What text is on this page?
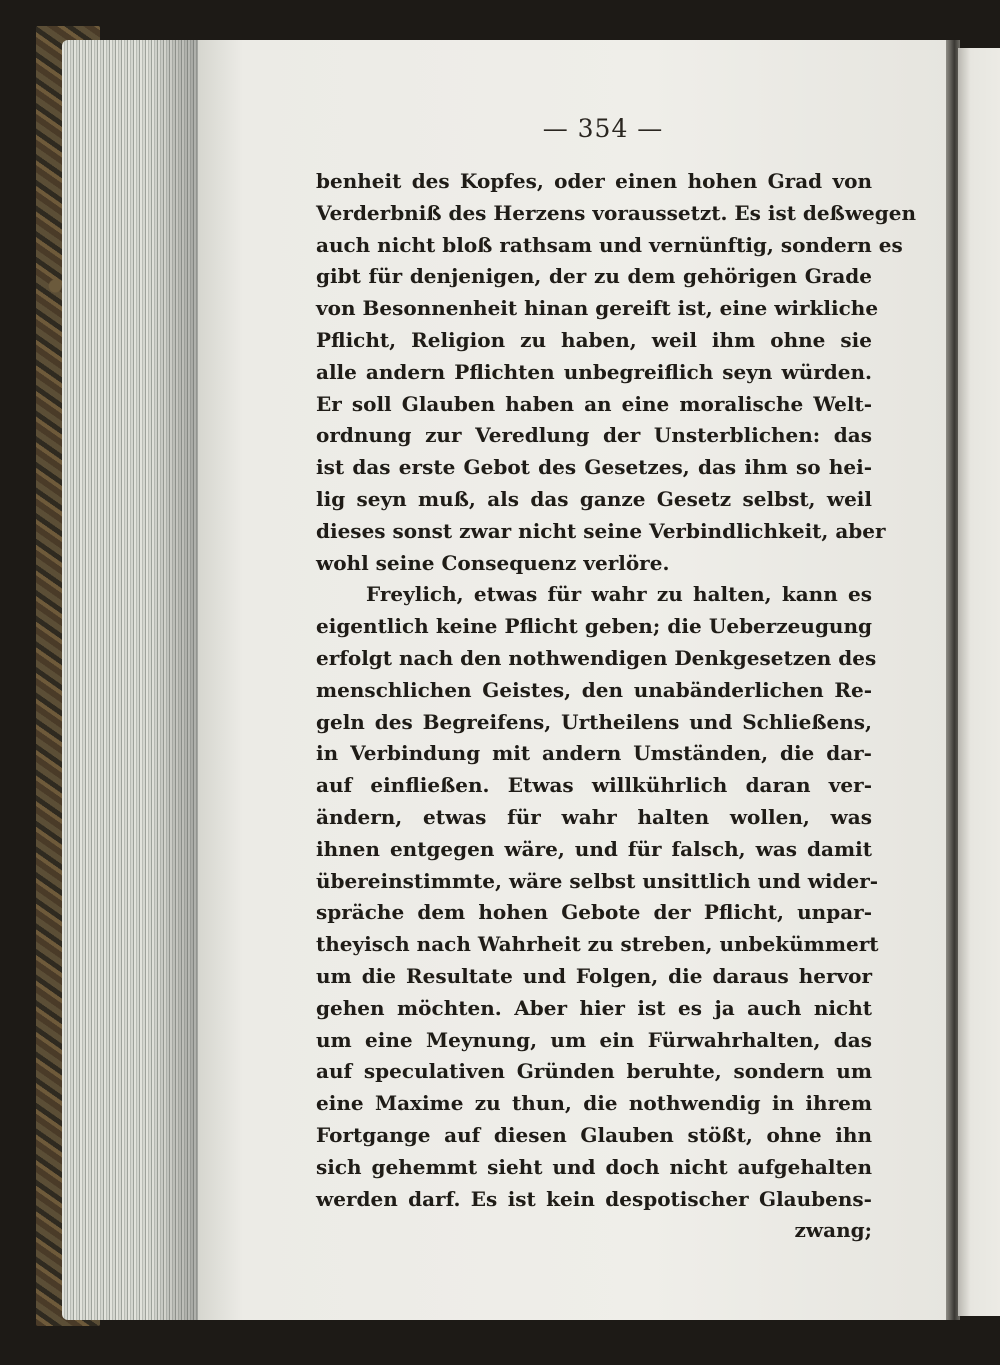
— 354 —
benheit des Kopfes, oder einen hohen Grad von
Verderbniß des Herzens voraussetzt. Es ist deßwegen
auch nicht bloß rathsam und vernünftig, sondern es
gibt für denjenigen, der zu dem gehörigen Grade
von Besonnenheit hinan gereift ist, eine wirkliche
Pflicht, Religion zu haben, weil ihm ohne sie
alle andern Pflichten unbegreiflich seyn würden.
Er soll Glauben haben an eine moralische Welt-
ordnung zur Veredlung der Unsterblichen: das
ist das erste Gebot des Gesetzes, das ihm so hei-
lig seyn muß, als das ganze Gesetz selbst, weil
dieses sonst zwar nicht seine Verbindlichkeit, aber
wohl seine Consequenz verlöre.
Freylich, etwas für wahr zu halten, kann es
eigentlich keine Pflicht geben; die Ueberzeugung
erfolgt nach den nothwendigen Denkgesetzen des
menschlichen Geistes, den unabänderlichen Re-
geln des Begreifens, Urtheilens und Schließens,
in Verbindung mit andern Umständen, die dar-
auf einfließen. Etwas willkührlich daran ver-
ändern, etwas für wahr halten wollen, was
ihnen entgegen wäre, und für falsch, was damit
übereinstimmte, wäre selbst unsittlich und wider-
spräche dem hohen Gebote der Pflicht, unpar-
theyisch nach Wahrheit zu streben, unbekümmert
um die Resultate und Folgen, die daraus hervor
gehen möchten. Aber hier ist es ja auch nicht
um eine Meynung, um ein Fürwahrhalten, das
auf speculativen Gründen beruhte, sondern um
eine Maxime zu thun, die nothwendig in ihrem
Fortgange auf diesen Glauben stößt, ohne ihn
sich gehemmt sieht und doch nicht aufgehalten
werden darf. Es ist kein despotischer Glaubens-
zwang;
